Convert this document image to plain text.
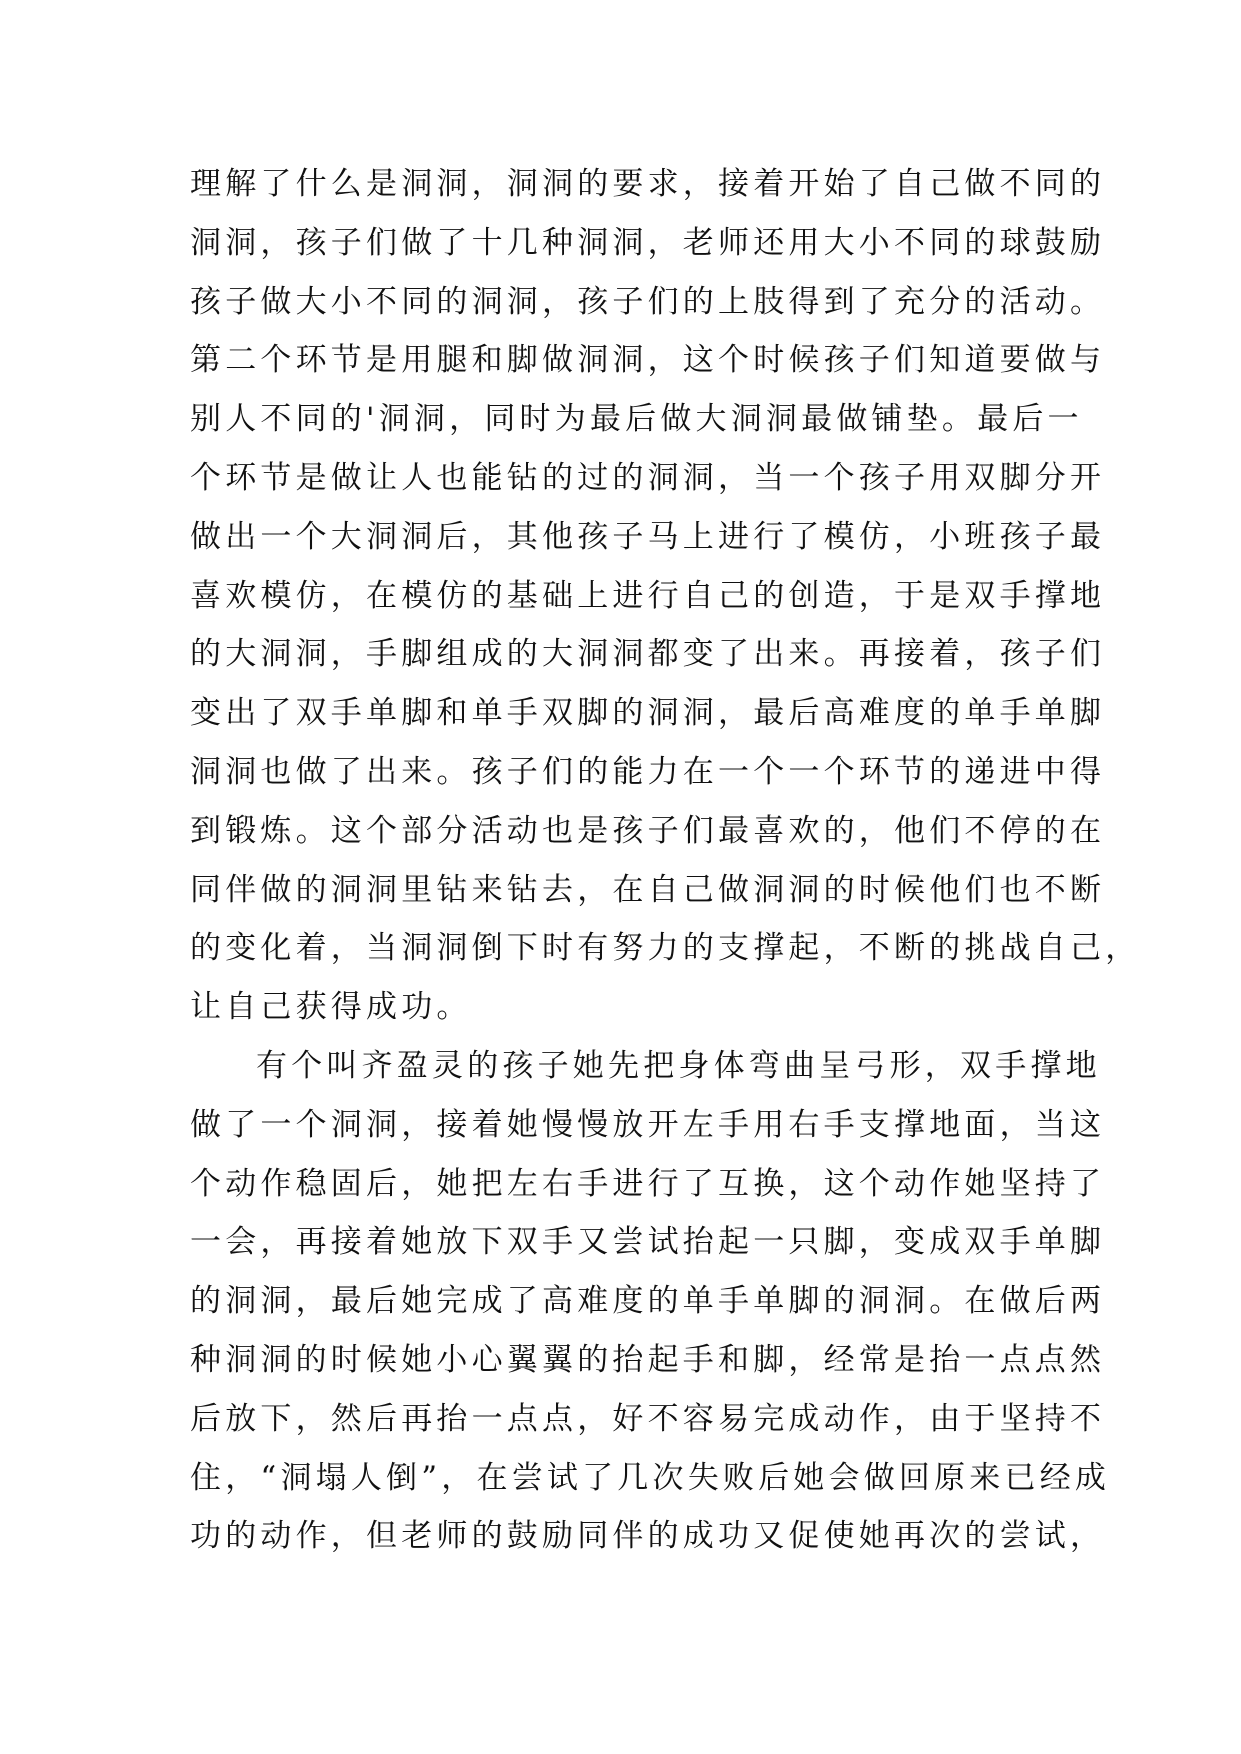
理解了什么是洞洞，洞洞的要求，接着开始了自己做不同的
洞洞，孩子们做了十几种洞洞，老师还用大小不同的球鼓励
孩子做大小不同的洞洞，孩子们的上肢得到了充分的活动。
第二个环节是用腿和脚做洞洞，这个时候孩子们知道要做与
别人不同的'洞洞，同时为最后做大洞洞最做铺垫。最后一
个环节是做让人也能钻的过的洞洞，当一个孩子用双脚分开
做出一个大洞洞后，其他孩子马上进行了模仿，小班孩子最
喜欢模仿，在模仿的基础上进行自己的创造，于是双手撑地
的大洞洞，手脚组成的大洞洞都变了出来。再接着，孩子们
变出了双手单脚和单手双脚的洞洞，最后高难度的单手单脚
洞洞也做了出来。孩子们的能力在一个一个环节的递进中得
到锻炼。这个部分活动也是孩子们最喜欢的，他们不停的在
同伴做的洞洞里钻来钻去，在自己做洞洞的时候他们也不断
的变化着，当洞洞倒下时有努力的支撑起，不断的挑战自己，
让自己获得成功。
有个叫齐盈灵的孩子她先把身体弯曲呈弓形，双手撑地
做了一个洞洞，接着她慢慢放开左手用右手支撑地面，当这
个动作稳固后，她把左右手进行了互换，这个动作她坚持了
一会，再接着她放下双手又尝试抬起一只脚，变成双手单脚
的洞洞，最后她完成了高难度的单手单脚的洞洞。在做后两
种洞洞的时候她小心翼翼的抬起手和脚，经常是抬一点点然
后放下，然后再抬一点点，好不容易完成动作，由于坚持不
住，“洞塌人倒”，在尝试了几次失败后她会做回原来已经成
功的动作，但老师的鼓励同伴的成功又促使她再次的尝试，
